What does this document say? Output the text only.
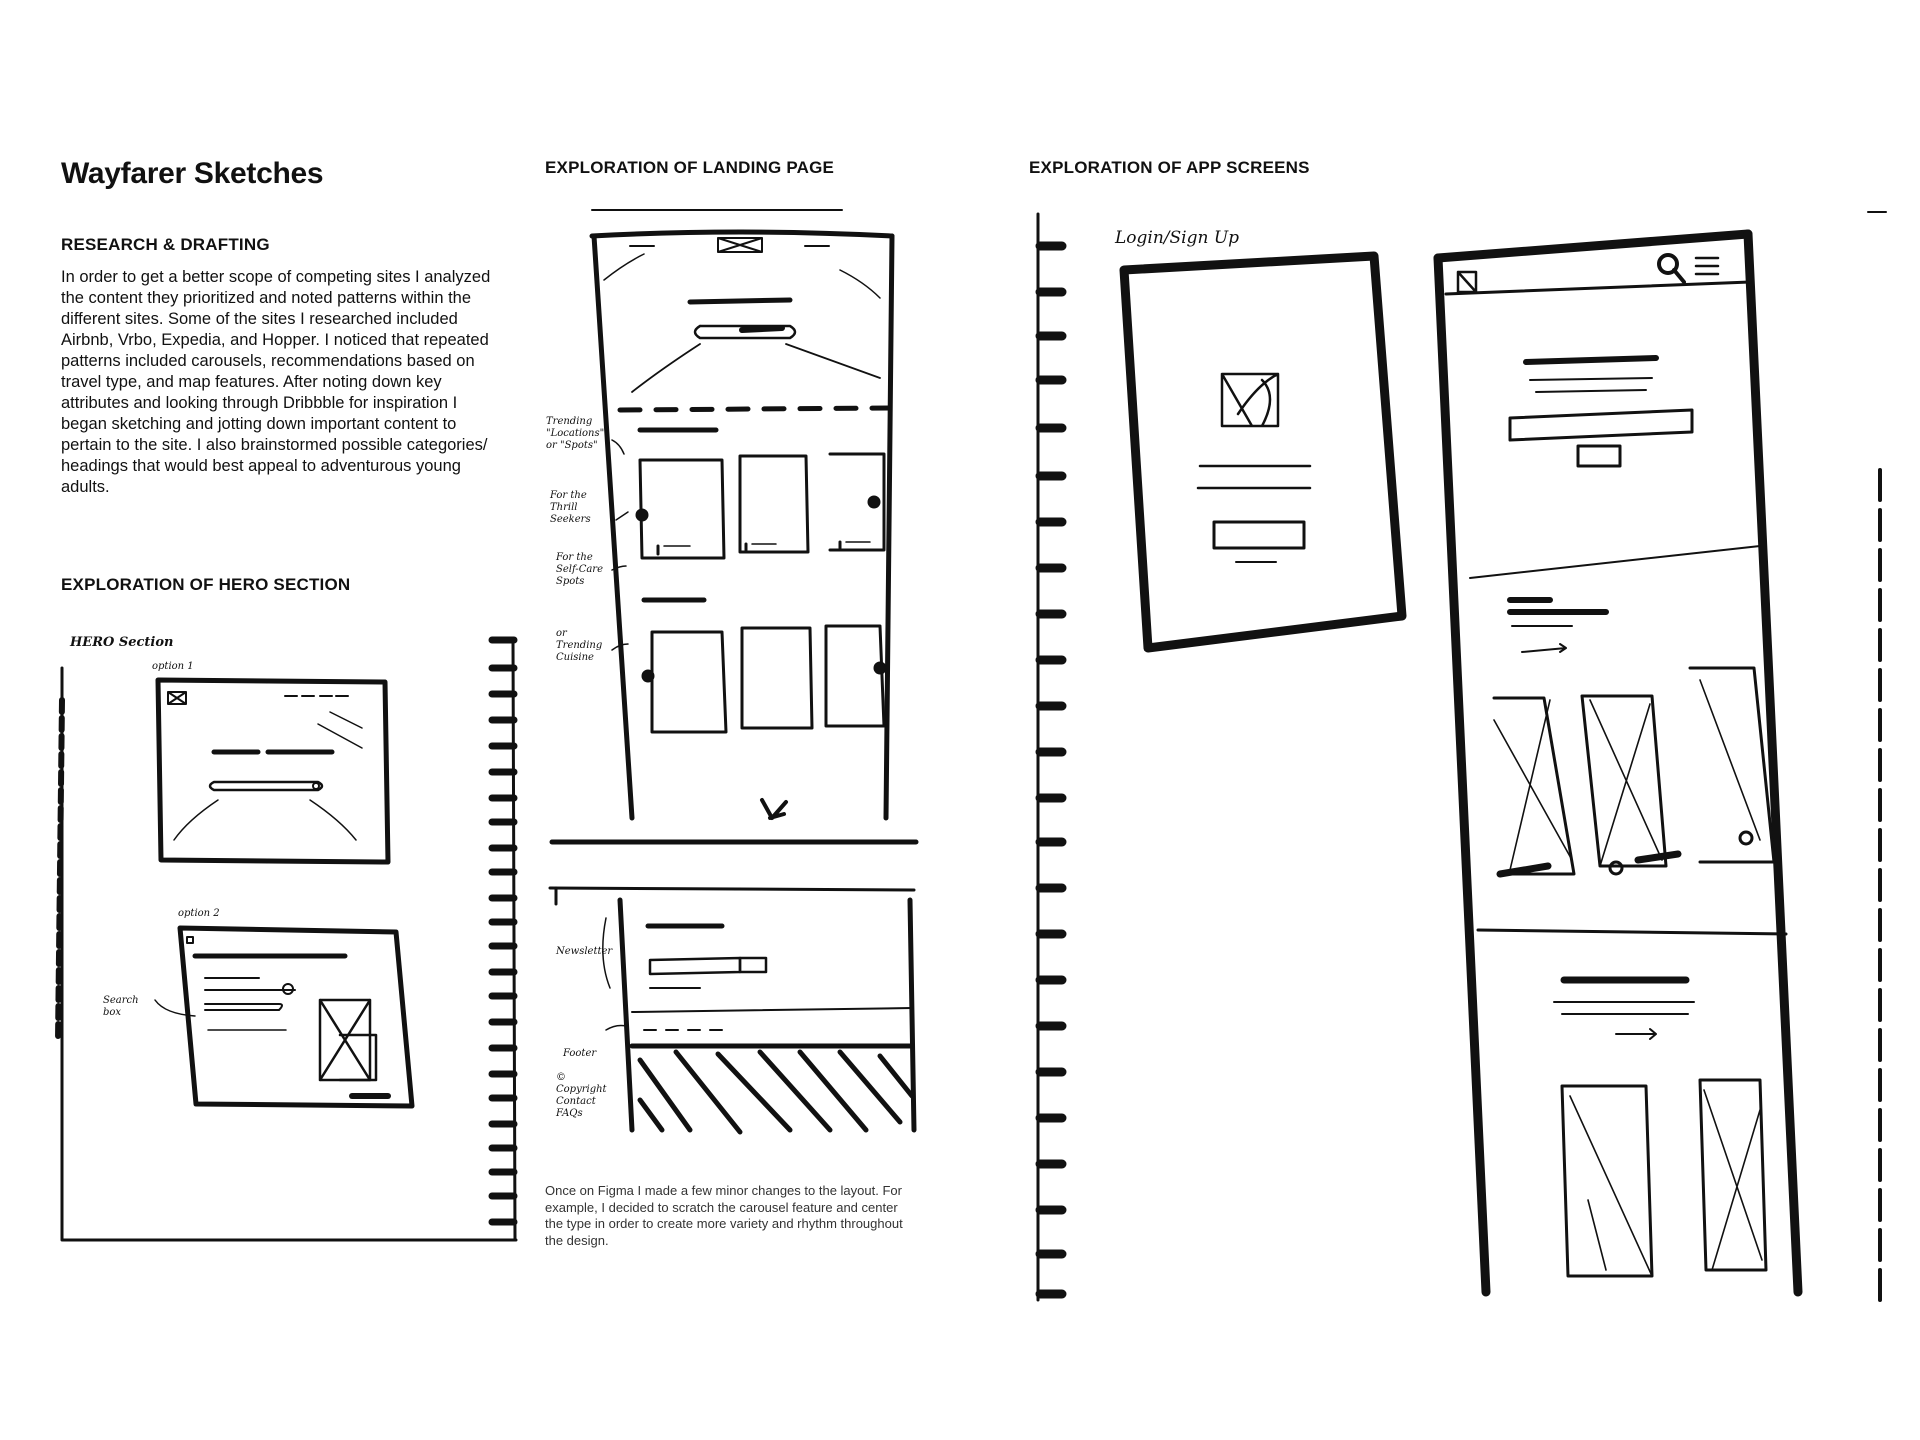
Wayfarer Sketches
RESEARCH & DRAFTING
In order to get a better scope of competing sites I analyzed the content they prioritized and noted patterns within the different sites. Some of the sites I researched included Airbnb, Vrbo, Expedia, and Hopper. I noticed that repeated patterns included carousels, recommendations based on travel type, and map features. After noting down key attributes and looking through Dribbble for inspiration I began sketching and jotting down important content to pertain to the site. I also brainstormed possible categories/ headings that would best appeal to adventurous young adults.
EXPLORATION OF HERO SECTION
EXPLORATION OF LANDING PAGE	EXPLORATION OF APP SCREENS
Once on Figma I made a few minor changes to the layout. For example, I decided to scratch the carousel feature and center the type in order to create more variety and rhythm throughout the design.
HERO Section
option 1
option 2
Search box
Trending "Locations" or "Spots"
For the Thrill Seekers
For the Self-Care Spots
or Trending Cuisine
Newsletter
Footer
© Copyright Contact FAQs
Login/Sign Up
